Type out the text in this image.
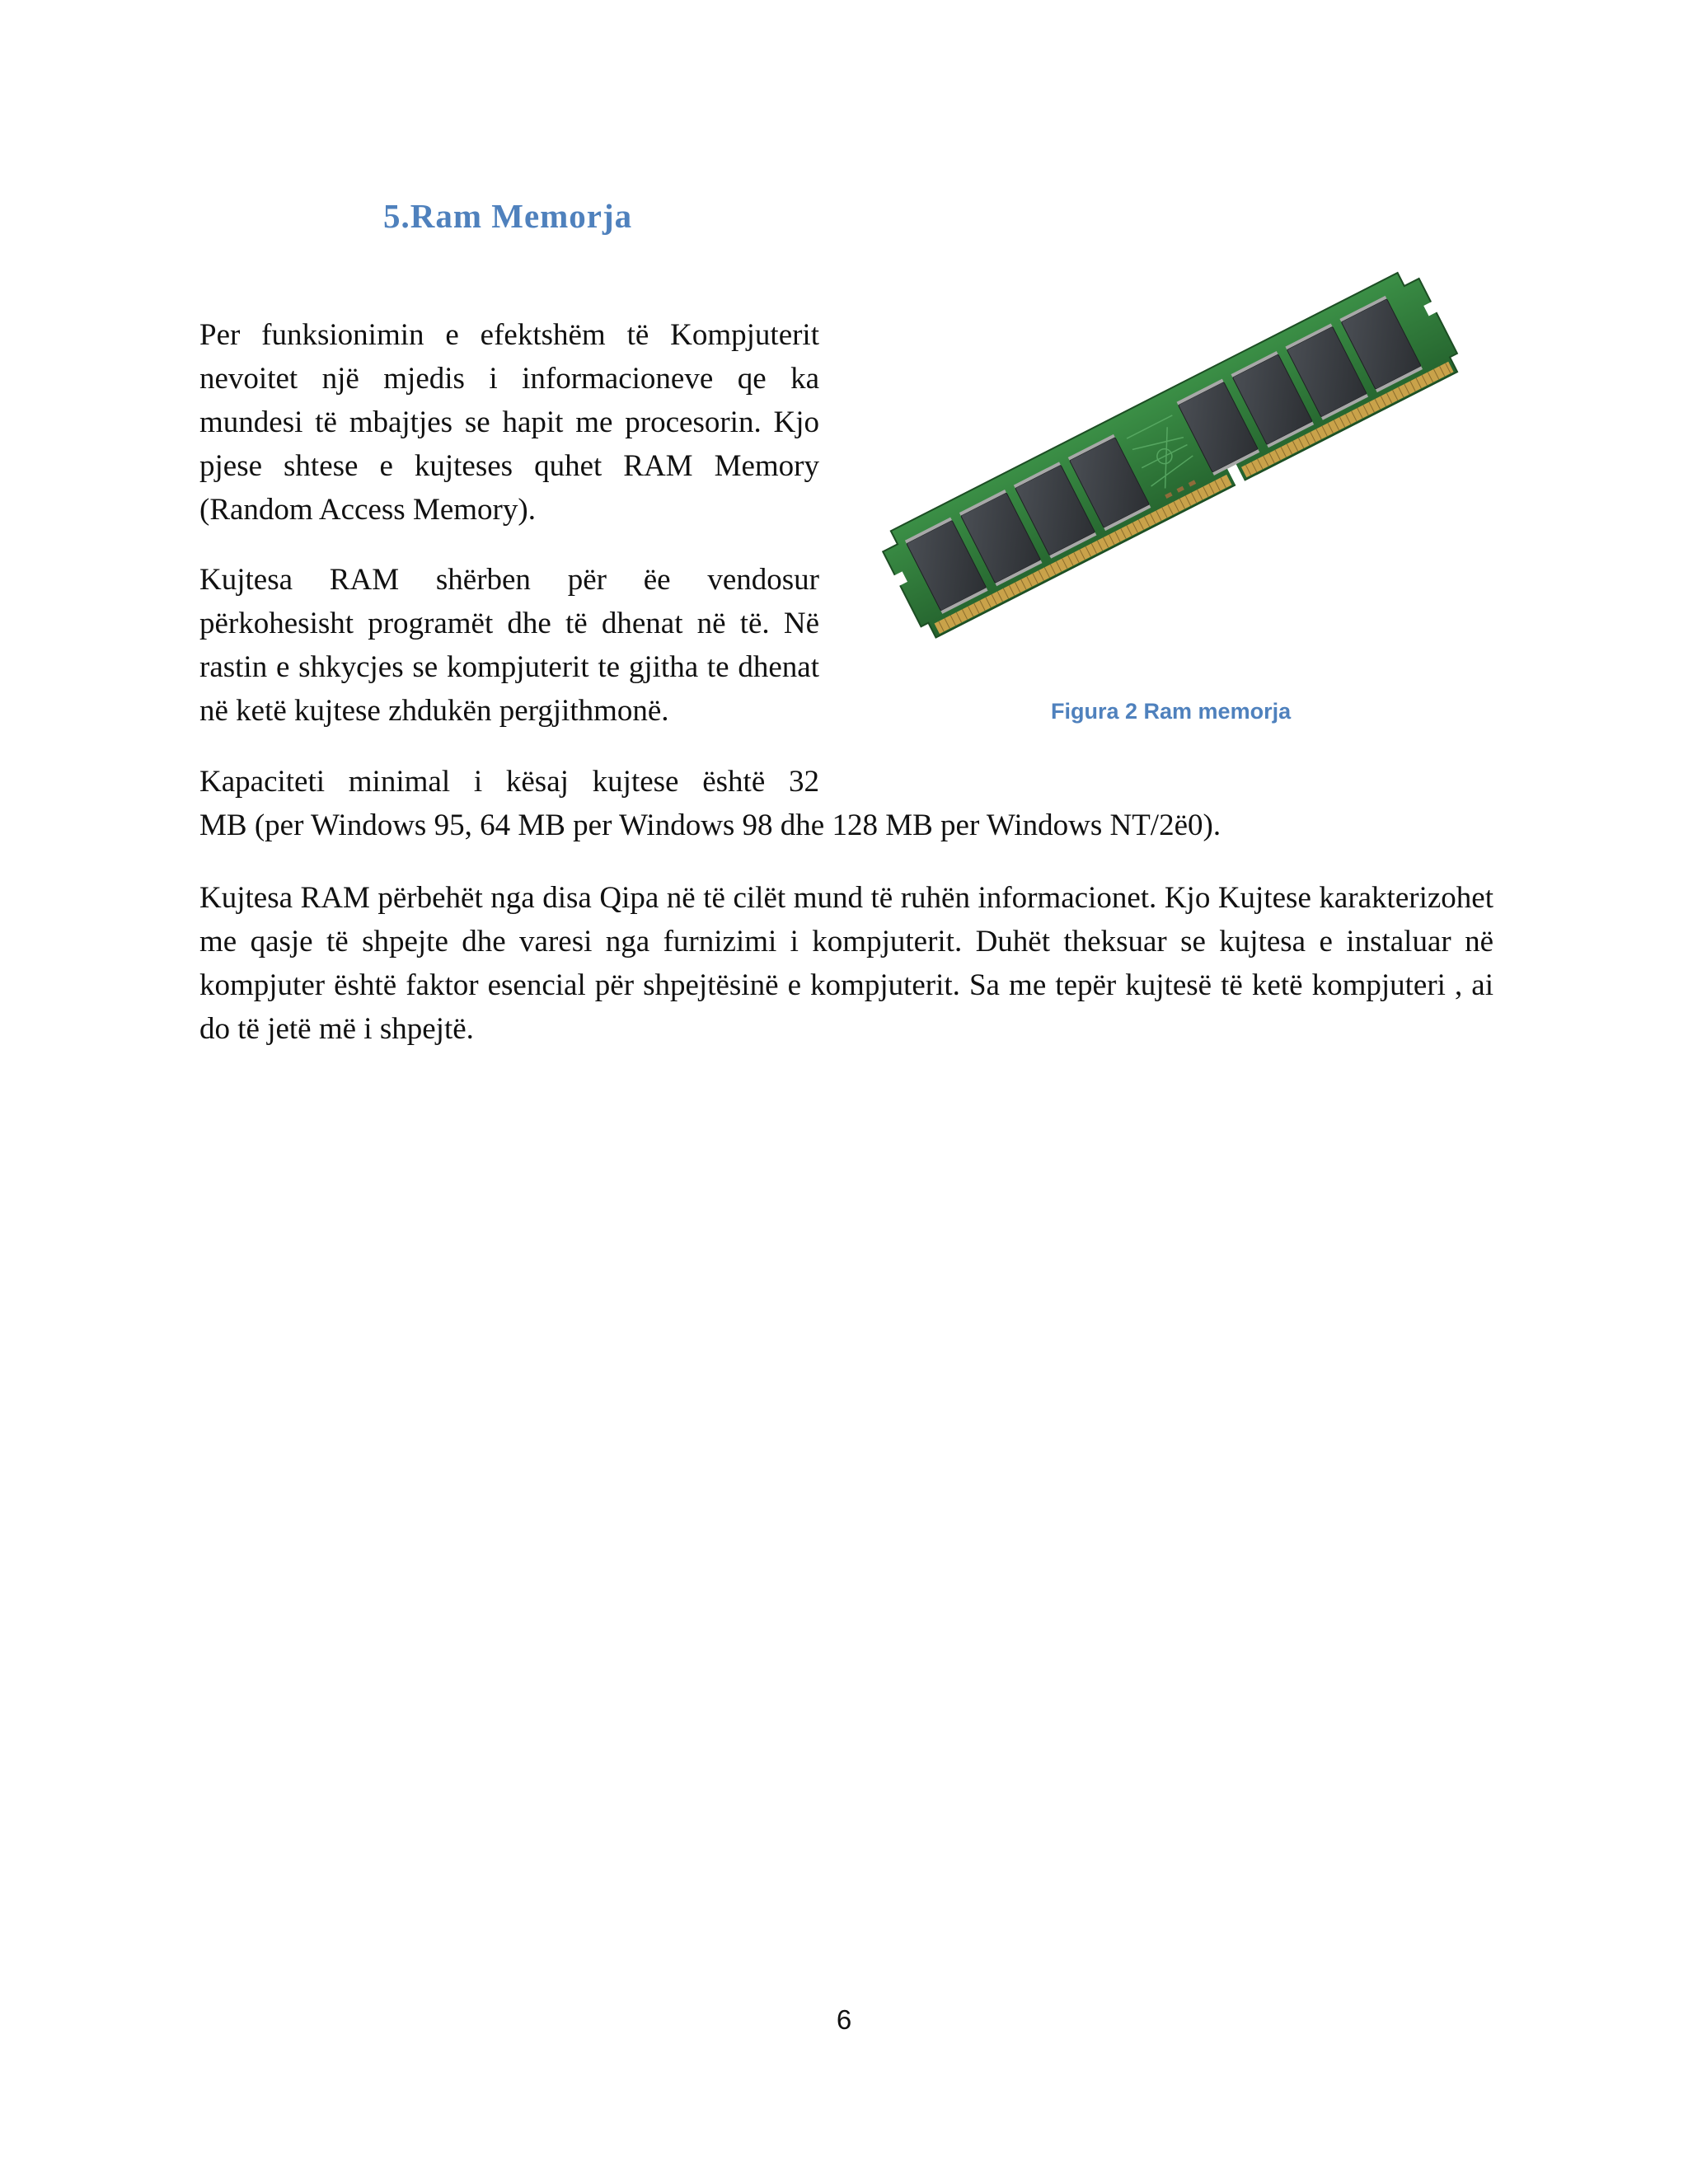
5.Ram Memorja
Per funksionimin e efektshëm të Kompjuterit nevoitet një mjedis i informacioneve qe ka mundesi të mbajtjes se hapit me procesorin. Kjo pjese shtese e kujteses quhet RAM Memory (Random Access Memory).
Kujtesa RAM shërben për ëe vendosur përkohesisht programët dhe të dhenat në të. Në rastin e shkycjes se kompjuterit te gjitha te dhenat në ketë kujtese zhdukën pergjithmonë.
Kapaciteti minimal i kësaj kujtese është 32
MB (per Windows 95, 64 MB per Windows 98 dhe 128 MB per Windows NT/2ë0).
Kujtesa RAM përbehët nga disa Qipa në të cilët mund të ruhën informacionet. Kjo Kujtese karakterizohet me qasje të shpejte dhe varesi nga furnizimi i kompjuterit. Duhët theksuar se kujtesa e instaluar në kompjuter është faktor esencial për shpejtësinë e kompjuterit. Sa me tepër kujtesë të ketë kompjuteri , ai do të jetë më i shpejtë.
Figura 2 Ram memorja
6
